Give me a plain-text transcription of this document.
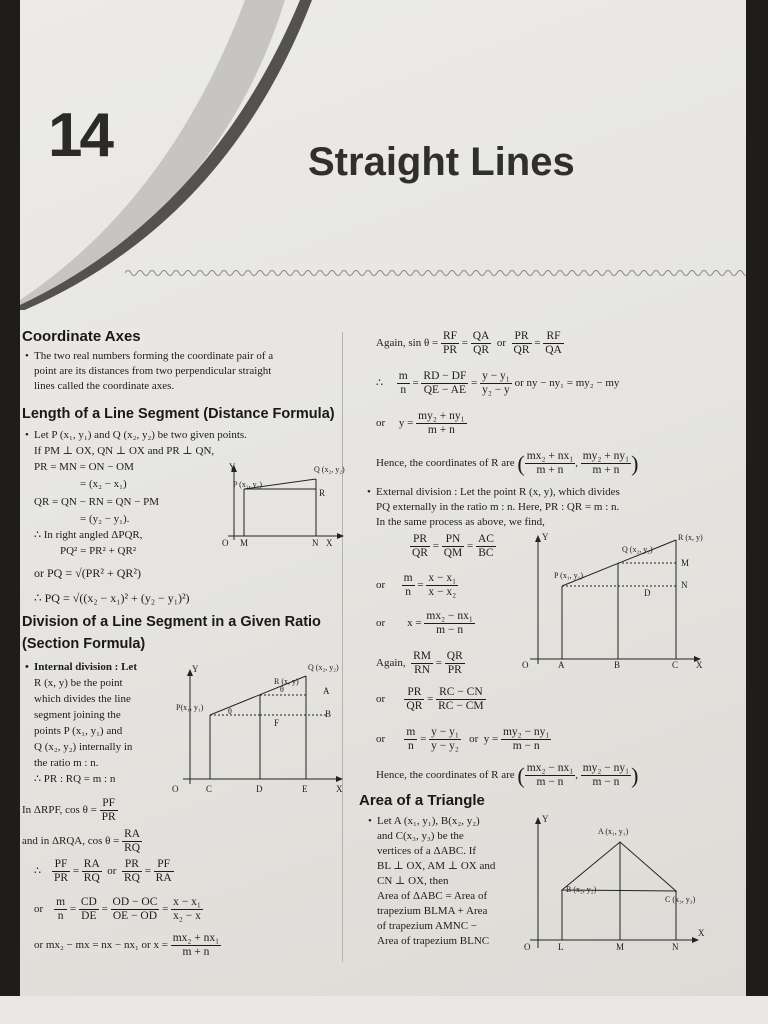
14	Straight Lines
Coordinate Axes
• The two real numbers forming the coordinate pair of a
point are its distances from two perpendicular straight
lines called the coordinate axes.
Length of a Line Segment (Distance Formula)
• Let P (x₁, y₁) and Q (x₂, y₂) be two given points.
If PM ⊥ OX, QN ⊥ OX and PR ⊥ QN,
PR = MN = ON − OM
= (x₂ − x₁)
QR = QN − RN = QN − PM
= (y₂ − y₁).
∴ In right angled ΔPQR,
PQ² = PR² + QR²
or PQ = √(PR² + QR²)
∴ PQ = √((x₂ − x₁)² + (y₂ − y₁)²)
Y
P (x₁, y₁)
Q (x₂, y₂)
R
O M	N X
Division of a Line Segment in a Given Ratio
(Section Formula)
• Internal division : Let
R (x, y) be the point
which divides the line
segment joining the
points P (x₁, y₁) and
Q (x₂, y₂) internally in
the ratio m : n.
∴ PR : RQ = m : n
Y
R (x, y)
Q (x₂, y₂)
P(x₁, y₁)	θ
θ	A
B
F
O	C	D	E	X
In ΔRPF, $\cos \theta = \frac{PF}{PR}$
and in ΔRQA, $\cos \theta = \frac{RA}{RQ}$
∴ $\frac{PF}{PR} = \frac{RA}{RQ}$ or $\frac{PR}{RQ} = \frac{PF}{RA}$
or $\frac{m}{n} = \frac{CD}{DE} = \frac{OD - OC}{OE - OD} = \frac{\text{x − x₁}}{\text{x₂ − x}}$
or mx₂ − mx = nx − nx₁ or $x = \frac{\text{mx₂ + nx₁}}{m + n}$
Again, $\sin \theta = \frac{RF}{PR} = \frac{QA}{QR}$ or $\frac{PR}{QR} = \frac{RF}{QA}$
∴ $\frac{m}{n} = \frac{RD - DF}{QE - AE} = \frac{\text{y − y₁}}{\text{y₂ − y}}$ or ny − ny₁ = my₂ − my
or $y = \frac{\text{my₂ + ny₁}}{m + n}$
Hence, the coordinates of R are ( $\frac{\text{mx₂ + nx₁}}{m + n}$ , $\frac{\text{my₂ + ny₁}}{m + n}$ )
• External division : Let the point R (x, y), which divides
PQ externally in the ratio m : n. Here, PR : QR = m : n.
In the same process as above, we find,
$\frac{PR}{QR} = \frac{PN}{QM} = \frac{AC}{BC}$
or $\frac{m}{n} = \frac{\text{x − x₁}}{\text{x − x₂}}$
or $x = \frac{\text{mx₂ − nx₁}}{m - n}$
Again, $\frac{RM}{RN} = \frac{QR}{PR}$
or $\frac{PR}{QR} = \frac{RC - CN}{RC - CM}$
or $\frac{m}{n} = \frac{\text{y − y₁}}{\text{y − y₂}}$ or $y = \frac{\text{my₂ − ny₁}}{m - n}$
Y	R (x, y)
Q (x₂, y₂)
P (x₁, y₁)
M
N
D
O	A	B	C X
Hence, the coordinates of R are ( $\frac{\text{mx₂ − nx₁}}{m - n}$ , $\frac{\text{my₂ − ny₁}}{m - n}$ )
Area of a Triangle
• Let A (x₁, y₁), B(x₂, y₂)
and C(x₃, y₃) be the
vertices of a ΔABC. If
BL ⊥ OX, AM ⊥ OX and
CN ⊥ OX, then
Area of ΔABC = Area of
trapezium BLMA + Area
of trapezium AMNC −
Area of trapezium BLNC
Y
A (x₁, y₁)
B (x₂, y₂)
C (x₃, y₃)
O	L	M	N
X
